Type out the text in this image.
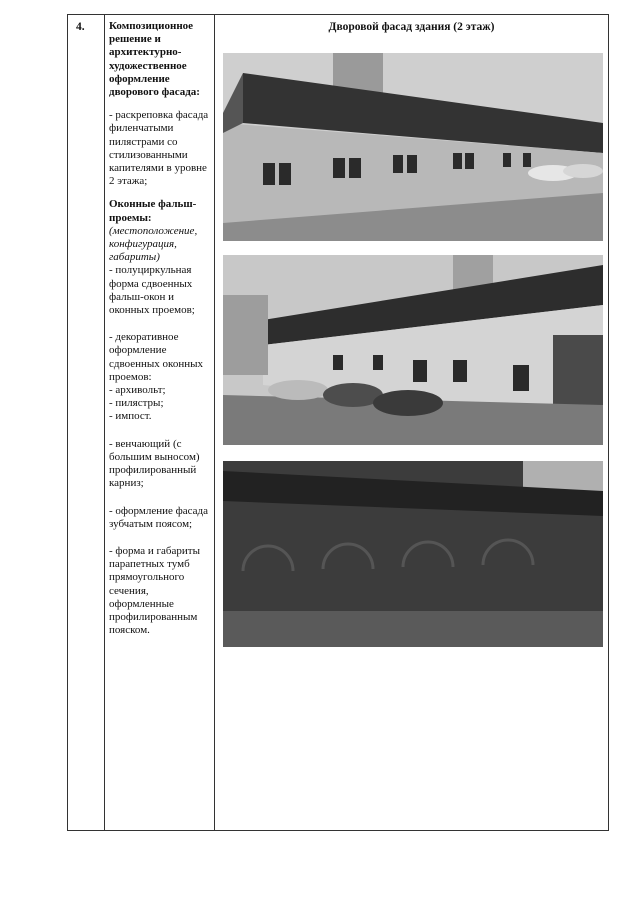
4. Композиционное решение и архитектурно-художественное оформление дворового фасада:

- раскреповка фасада филенчатыми пилястрами со стилизованными капителями в уровне 2 этажа;

Оконные фальш-проемы:
(местоположение, конфигурация, габариты)
- полуциркульная форма сдвоенных фальш-окон и оконных проемов;

- декоративное оформление сдвоенных оконных проемов:

- архивольт;

- пилястры;

- импост.

- венчающий (с большим выносом) профилированный карниз;

- оформление фасада зубчатым поясом;

- форма и габариты парапетных тумб прямоугольного сечения, оформленные профилированным пояском.

Дворовой фасад здания (2 этаж)
